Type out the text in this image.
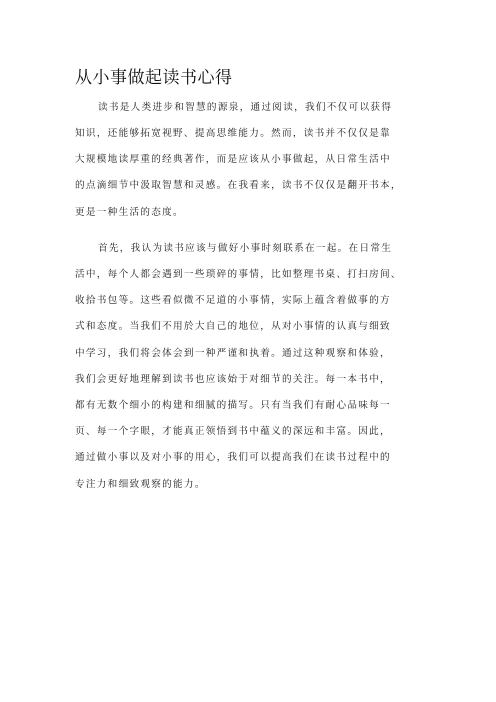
从小事做起读书心得
读书是人类进步和智慧的源泉，通过阅读，我们不仅可以获得
知识，还能够拓宽视野、提高思维能力。然而，读书并不仅仅是靠
大规模地读厚重的经典著作，而是应该从小事做起，从日常生活中
的点滴细节中汲取智慧和灵感。在我看来，读书不仅仅是翻开书本，
更是一种生活的态度。
首先，我认为读书应该与做好小事时刻联系在一起。在日常生
活中，每个人都会遇到一些琐碎的事情，比如整理书桌、打扫房间、
收拾书包等。这些看似微不足道的小事情，实际上蕴含着做事的方
式和态度。当我们不用於大自己的地位，从对小事情的认真与细致
中学习，我们将会体会到一种严谨和执着。通过这种观察和体验，
我们会更好地理解到读书也应该始于对细节的关注。每一本书中，
都有无数个细小的构建和细腻的描写。只有当我们有耐心品味每一
页、每一个字眼，才能真正领悟到书中蕴义的深远和丰富。因此，
通过做小事以及对小事的用心，我们可以提高我们在读书过程中的
专注力和细致观察的能力。
